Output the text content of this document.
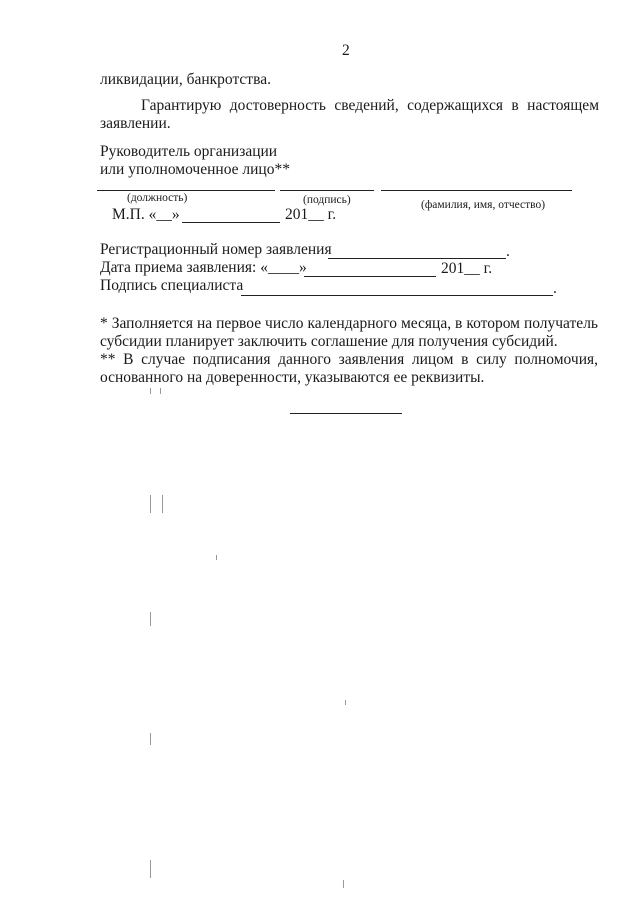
2
ликвидации, банкротства.
Гарантирую достоверность сведений, содержащихся в настоящем
заявлении.
Руководитель организации
или уполномоченное лицо**
(должность)	(подпись)	(фамилия, имя, отчество)
М.П. «__»	201__ г.
Регистрационный номер заявления	.
Дата приема заявления: «____»	201__ г.
Подпись специалиста	.
* Заполняется на первое число календарного месяца, в котором получатель
субсидии планирует заключить соглашение для получения субсидий.
** В случае подписания данного заявления лицом в силу полномочия,
основанного на доверенности, указываются ее реквизиты.
